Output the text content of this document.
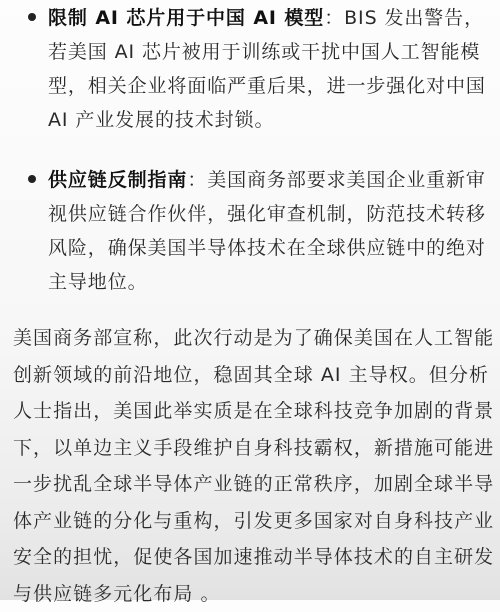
限制 AI 芯片用于中国 AI 模型：BIS 发出警告，若美国 AI 芯片被用于训练或干扰中国人工智能模型，相关企业将面临严重后果，进一步强化对中国 AI 产业发展的技术封锁。

供应链反制指南：美国商务部要求美国企业重新审视供应链合作伙伴，强化审查机制，防范技术转移风险，确保美国半导体技术在全球供应链中的绝对主导地位。

美国商务部宣称，此次行动是为了确保美国在人工智能创新领域的前沿地位，稳固其全球 AI 主导权。但分析人士指出，美国此举实质是在全球科技竞争加剧的背景下，以单边主义手段维护自身科技霸权，新措施可能进一步扰乱全球半导体产业链的正常秩序，加剧全球半导体产业链的分化与重构，引发更多国家对自身科技产业安全的担忧，促使各国加速推动半导体技术的自主研发与供应链多元化布局 。
